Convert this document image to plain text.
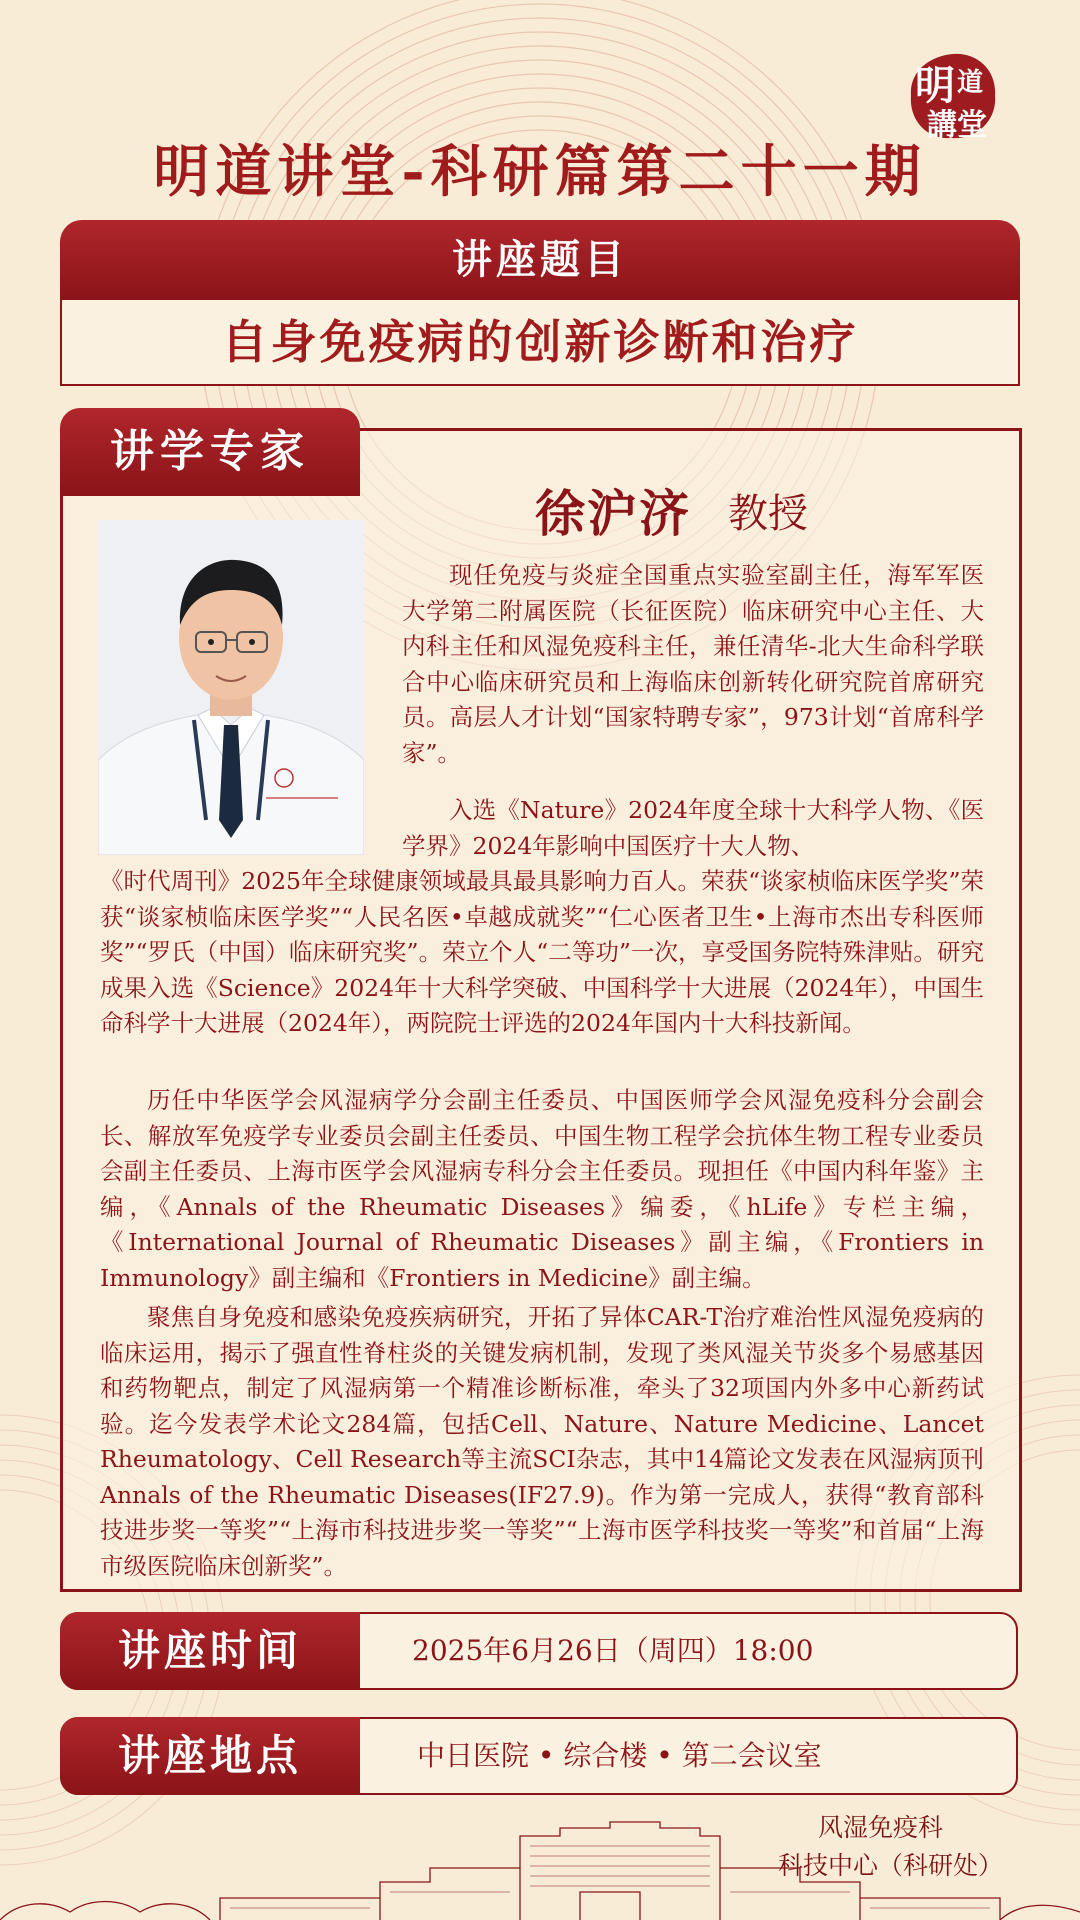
明 道
講堂
明道讲堂-科研篇第二十一期
讲座题目
自身免疫病的创新诊断和治疗
讲学专家
徐沪济 教授

现任免疫与炎症全国重点实验室副主任，海军军医大学第二附属医院（长征医院）临床研究中心主任、大内科主任和风湿免疫科主任，兼任清华-北大生命科学联合中心临床研究员和上海临床创新转化研究院首席研究员。高层人才计划“国家特聘专家”，973计划“首席科学家”。

入选《Nature》2024年度全球十大科学人物、《医学界》2024年影响中国医疗十大人物、

《时代周刊》2025年全球健康领域最具最具影响力百人。荣获“谈家桢临床医学奖”荣获“谈家桢临床医学奖”“人民名医•卓越成就奖”“仁心医者卫生•上海市杰出专科医师奖”“罗氏（中国）临床研究奖”。荣立个人“二等功”一次，享受国务院特殊津贴。研究成果入选《Science》2024年十大科学突破、中国科学十大进展（2024年），中国生命科学十大进展（2024年），两院院士评选的2024年国内十大科技新闻。

历任中华医学会风湿病学分会副主任委员、中国医师学会风湿免疫科分会副会长、解放军免疫学专业委员会副主任委员、中国生物工程学会抗体生物工程专业委员会副主任委员、上海市医学会风湿病专科分会主任委员。现担任《中国内科年鉴》主编，《Annals of the Rheumatic Diseases》编委，《hLife》专栏主编，《International Journal of Rheumatic Diseases》副主编，《Frontiers in Immunology》副主编和《Frontiers in Medicine》副主编。

聚焦自身免疫和感染免疫疾病研究，开拓了异体CAR-T治疗难治性风湿免疫病的临床运用，揭示了强直性脊柱炎的关键发病机制，发现了类风湿关节炎多个易感基因和药物靶点，制定了风湿病第一个精准诊断标准，牵头了32项国内外多中心新药试验。迄今发表学术论文284篇，包括Cell、Nature、Nature Medicine、Lancet Rheumatology、Cell Research等主流SCI杂志，其中14篇论文发表在风湿病顶刊Annals of the Rheumatic Diseases(IF27.9)。作为第一完成人，获得“教育部科技进步奖一等奖”“上海市科技进步奖一等奖”“上海市医学科技奖一等奖”和首届“上海市级医院临床创新奖”。

讲座时间	2025年6月26日（周四）18:00
讲座地点	中日医院 • 综合楼 • 第二会议室
风湿免疫科
科技中心（科研处）
